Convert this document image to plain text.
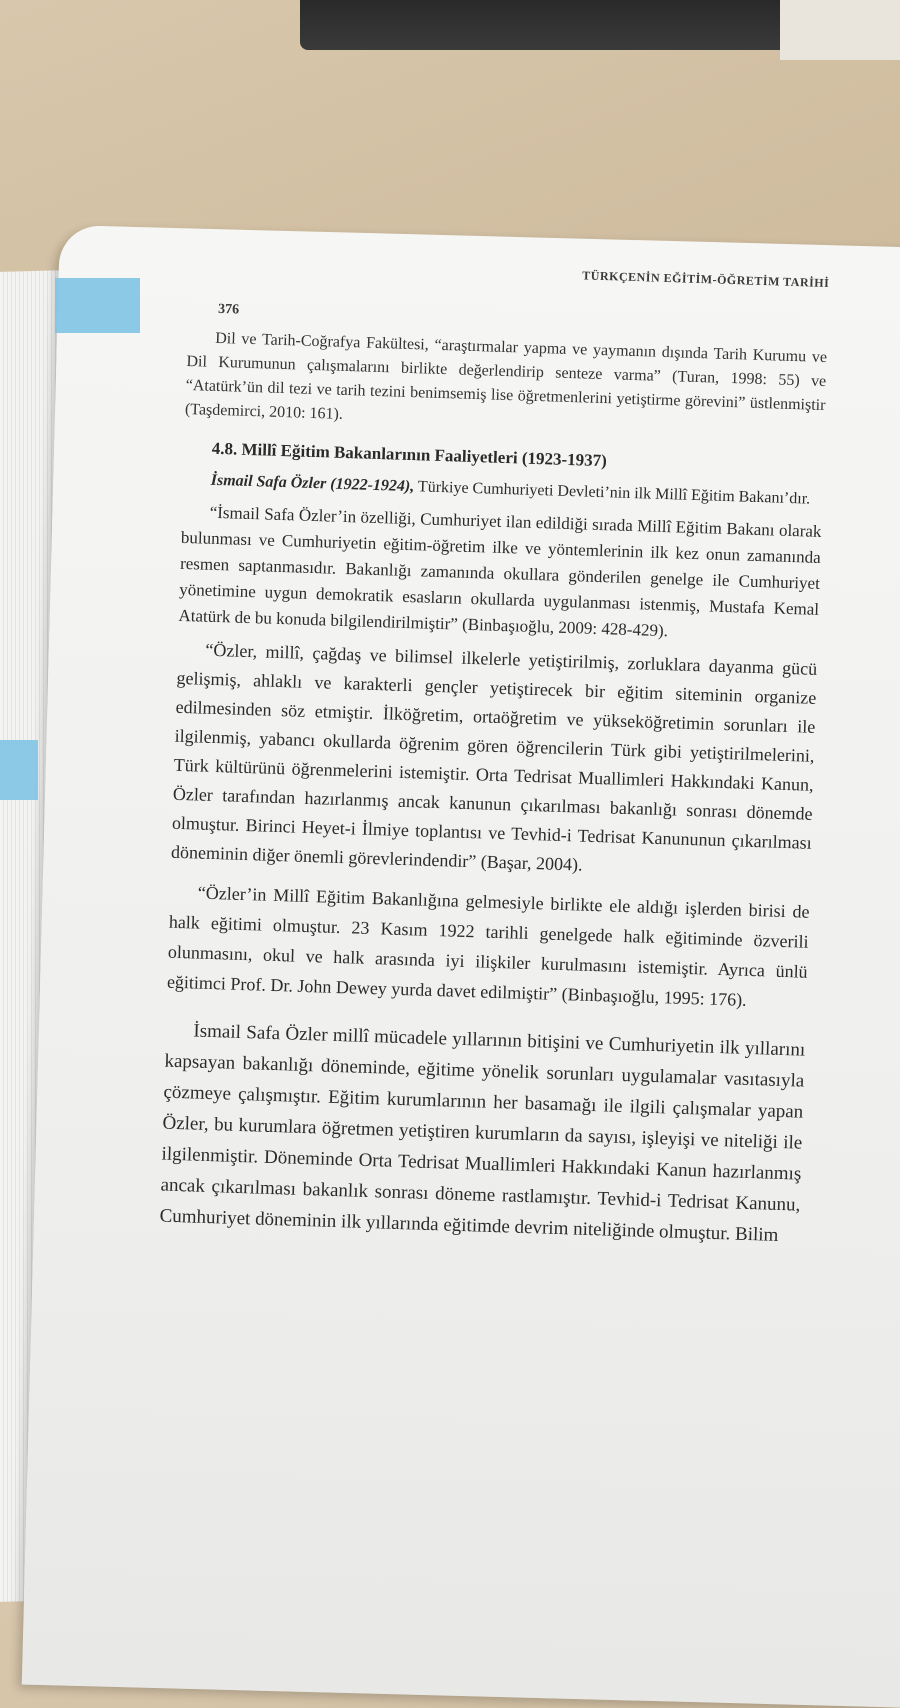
TÜRKÇENİN EĞİTİM-ÖĞRETİM TARİHİ
376

Dil ve Tarih-Coğrafya Fakültesi, “araştırmalar yapma ve yaymanın dışında Tarih Kurumu ve Dil Kurumunun çalışmalarını birlikte değerlendirip senteze varma” (Turan, 1998: 55) ve “Atatürk’ün dil tezi ve tarih tezini benimsemiş lise öğretmenlerini yetiştirme görevini” üstlenmiştir (Taşdemirci, 2010: 161).

4.8. Millî Eğitim Bakanlarının Faaliyetleri (1923-1937)

İsmail Safa Özler (1922-1924), Türkiye Cumhuriyeti Devleti’nin ilk Millî Eğitim Bakanı’dır.

“İsmail Safa Özler’in özelliği, Cumhuriyet ilan edildiği sırada Millî Eğitim Bakanı olarak bulunması ve Cumhuriyetin eğitim-öğretim ilke ve yöntemlerinin ilk kez onun zamanında resmen saptanmasıdır. Bakanlığı zamanında okullara gönderilen genelge ile Cumhuriyet yönetimine uygun demokratik esasların okullarda uygulanması istenmiş, Mustafa Kemal Atatürk de bu konuda bilgilendirilmiştir” (Binbaşıoğlu, 2009: 428-429).

“Özler, millî, çağdaş ve bilimsel ilkelerle yetiştirilmiş, zorluklara dayanma gücü gelişmiş, ahlaklı ve karakterli gençler yetiştirecek bir eğitim siteminin organize edilmesinden söz etmiştir. İlköğretim, ortaöğretim ve yükseköğretimin sorunları ile ilgilenmiş, yabancı okullarda öğrenim gören öğrencilerin Türk gibi yetiştirilmelerini, Türk kültürünü öğrenmelerini istemiştir. Orta Tedrisat Muallimleri Hakkındaki Kanun, Özler tarafından hazırlanmış ancak kanunun çıkarılması bakanlığı sonrası dönemde olmuştur. Birinci Heyet-i İlmiye toplantısı ve Tevhid-i Tedrisat Kanununun çıkarılması döneminin diğer önemli görevlerindendir” (Başar, 2004).

“Özler’in Millî Eğitim Bakanlığına gelmesiyle birlikte ele aldığı işlerden birisi de halk eğitimi olmuştur. 23 Kasım 1922 tarihli genelgede halk eğitiminde özverili olunmasını, okul ve halk arasında iyi ilişkiler kurulmasını istemiştir. Ayrıca ünlü eğitimci Prof. Dr. John Dewey yurda davet edilmiştir” (Binbaşıoğlu, 1995: 176).

İsmail Safa Özler millî mücadele yıllarının bitişini ve Cumhuriyetin ilk yıllarını kapsayan bakanlığı döneminde, eğitime yönelik sorunları uygulamalar vasıtasıyla çözmeye çalışmıştır. Eğitim kurumlarının her basamağı ile ilgili çalışmalar yapan Özler, bu kurumlara öğretmen yetiştiren kurumların da sayısı, işleyişi ve niteliği ile ilgilenmiştir. Döneminde Orta Tedrisat Muallimleri Hakkındaki Kanun hazırlanmış ancak çıkarılması bakanlık sonrası döneme rastlamıştır. Tevhid-i Tedrisat Kanunu, Cumhuriyet döneminin ilk yıllarında eğitimde devrim niteliğinde olmuştur. Bilim
